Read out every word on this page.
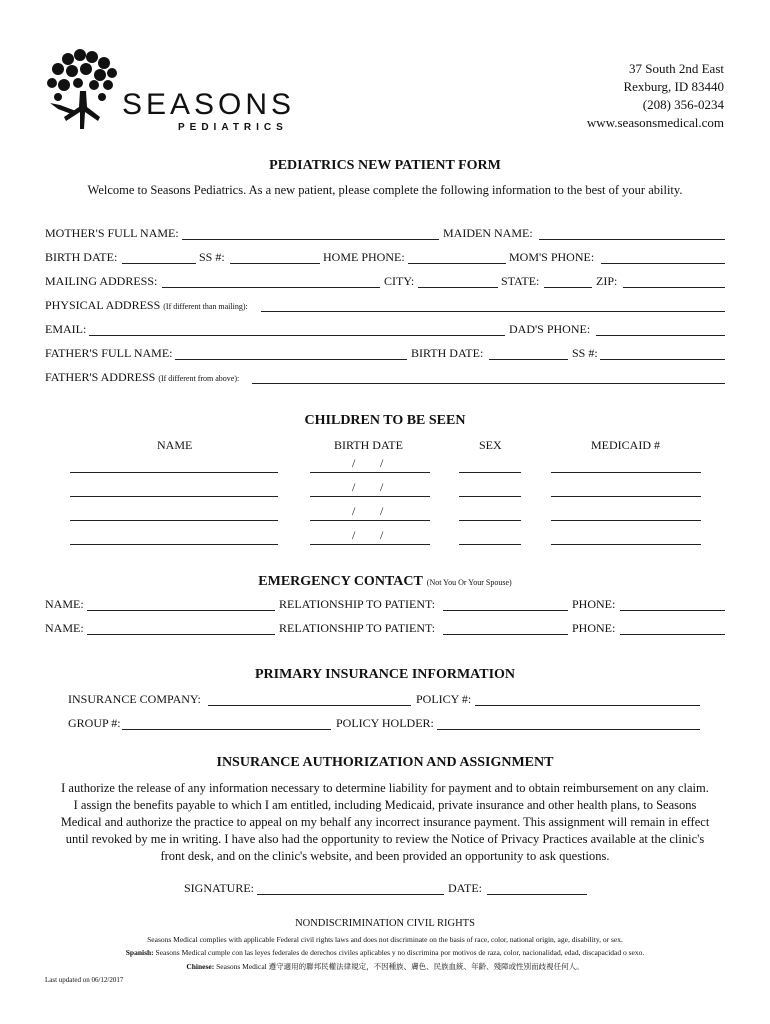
SEASONS
PEDIATRICS
37 South 2nd East
Rexburg, ID 83440
(208) 356-0234
www.seasonsmedical.com
PEDIATRICS NEW PATIENT FORM
Welcome to Seasons Pediatrics. As a new patient, please complete the following information to the best of your ability.
MOTHER'S FULL NAME:	MAIDEN NAME:
BIRTH DATE:	SS #:	HOME PHONE:	MOM'S PHONE:
MAILING ADDRESS:	CITY:	STATE:	ZIP:
PHYSICAL ADDRESS (If different than mailing):
EMAIL:	DAD'S PHONE:
FATHER'S FULL NAME:	BIRTH DATE:	SS #:
FATHER'S ADDRESS (If different from above):
CHILDREN TO BE SEEN
NAME	BIRTH DATE	SEX	MEDICAID #
/ /
/ /
/ /
/ /
EMERGENCY CONTACT (Not You Or Your Spouse)
NAME:	RELATIONSHIP TO PATIENT:	PHONE:
NAME:	RELATIONSHIP TO PATIENT:	PHONE:
PRIMARY INSURANCE INFORMATION
INSURANCE COMPANY:	POLICY #:
GROUP #:	POLICY HOLDER:
INSURANCE AUTHORIZATION AND ASSIGNMENT
I authorize the release of any information necessary to determine liability for payment and to obtain reimbursement on any claim. I assign the benefits payable to which I am entitled, including Medicaid, private insurance and other health plans, to Seasons Medical and authorize the practice to appeal on my behalf any incorrect insurance payment. This assignment will remain in effect until revoked by me in writing. I have also had the opportunity to review the Notice of Privacy Practices available at the clinic's front desk, and on the clinic's website, and been provided an opportunity to ask questions.
SIGNATURE:	DATE:
NONDISCRIMINATION CIVIL RIGHTS
Seasons Medical complies with applicable Federal civil rights laws and does not discriminate on the basis of race, color, national origin, age, disability, or sex.
Spanish: Seasons Medical cumple con las leyes federales de derechos civiles aplicables y no discrimina por motivos de raza, color, nacionalidad, edad, discapacidad o sexo.
Chinese: Seasons Medical 遵守適用的聯邦民權法律規定，不因種族、膚色、民族血統、年齡、殘障或性別而歧視任何人。
Last updated on 06/12/2017
